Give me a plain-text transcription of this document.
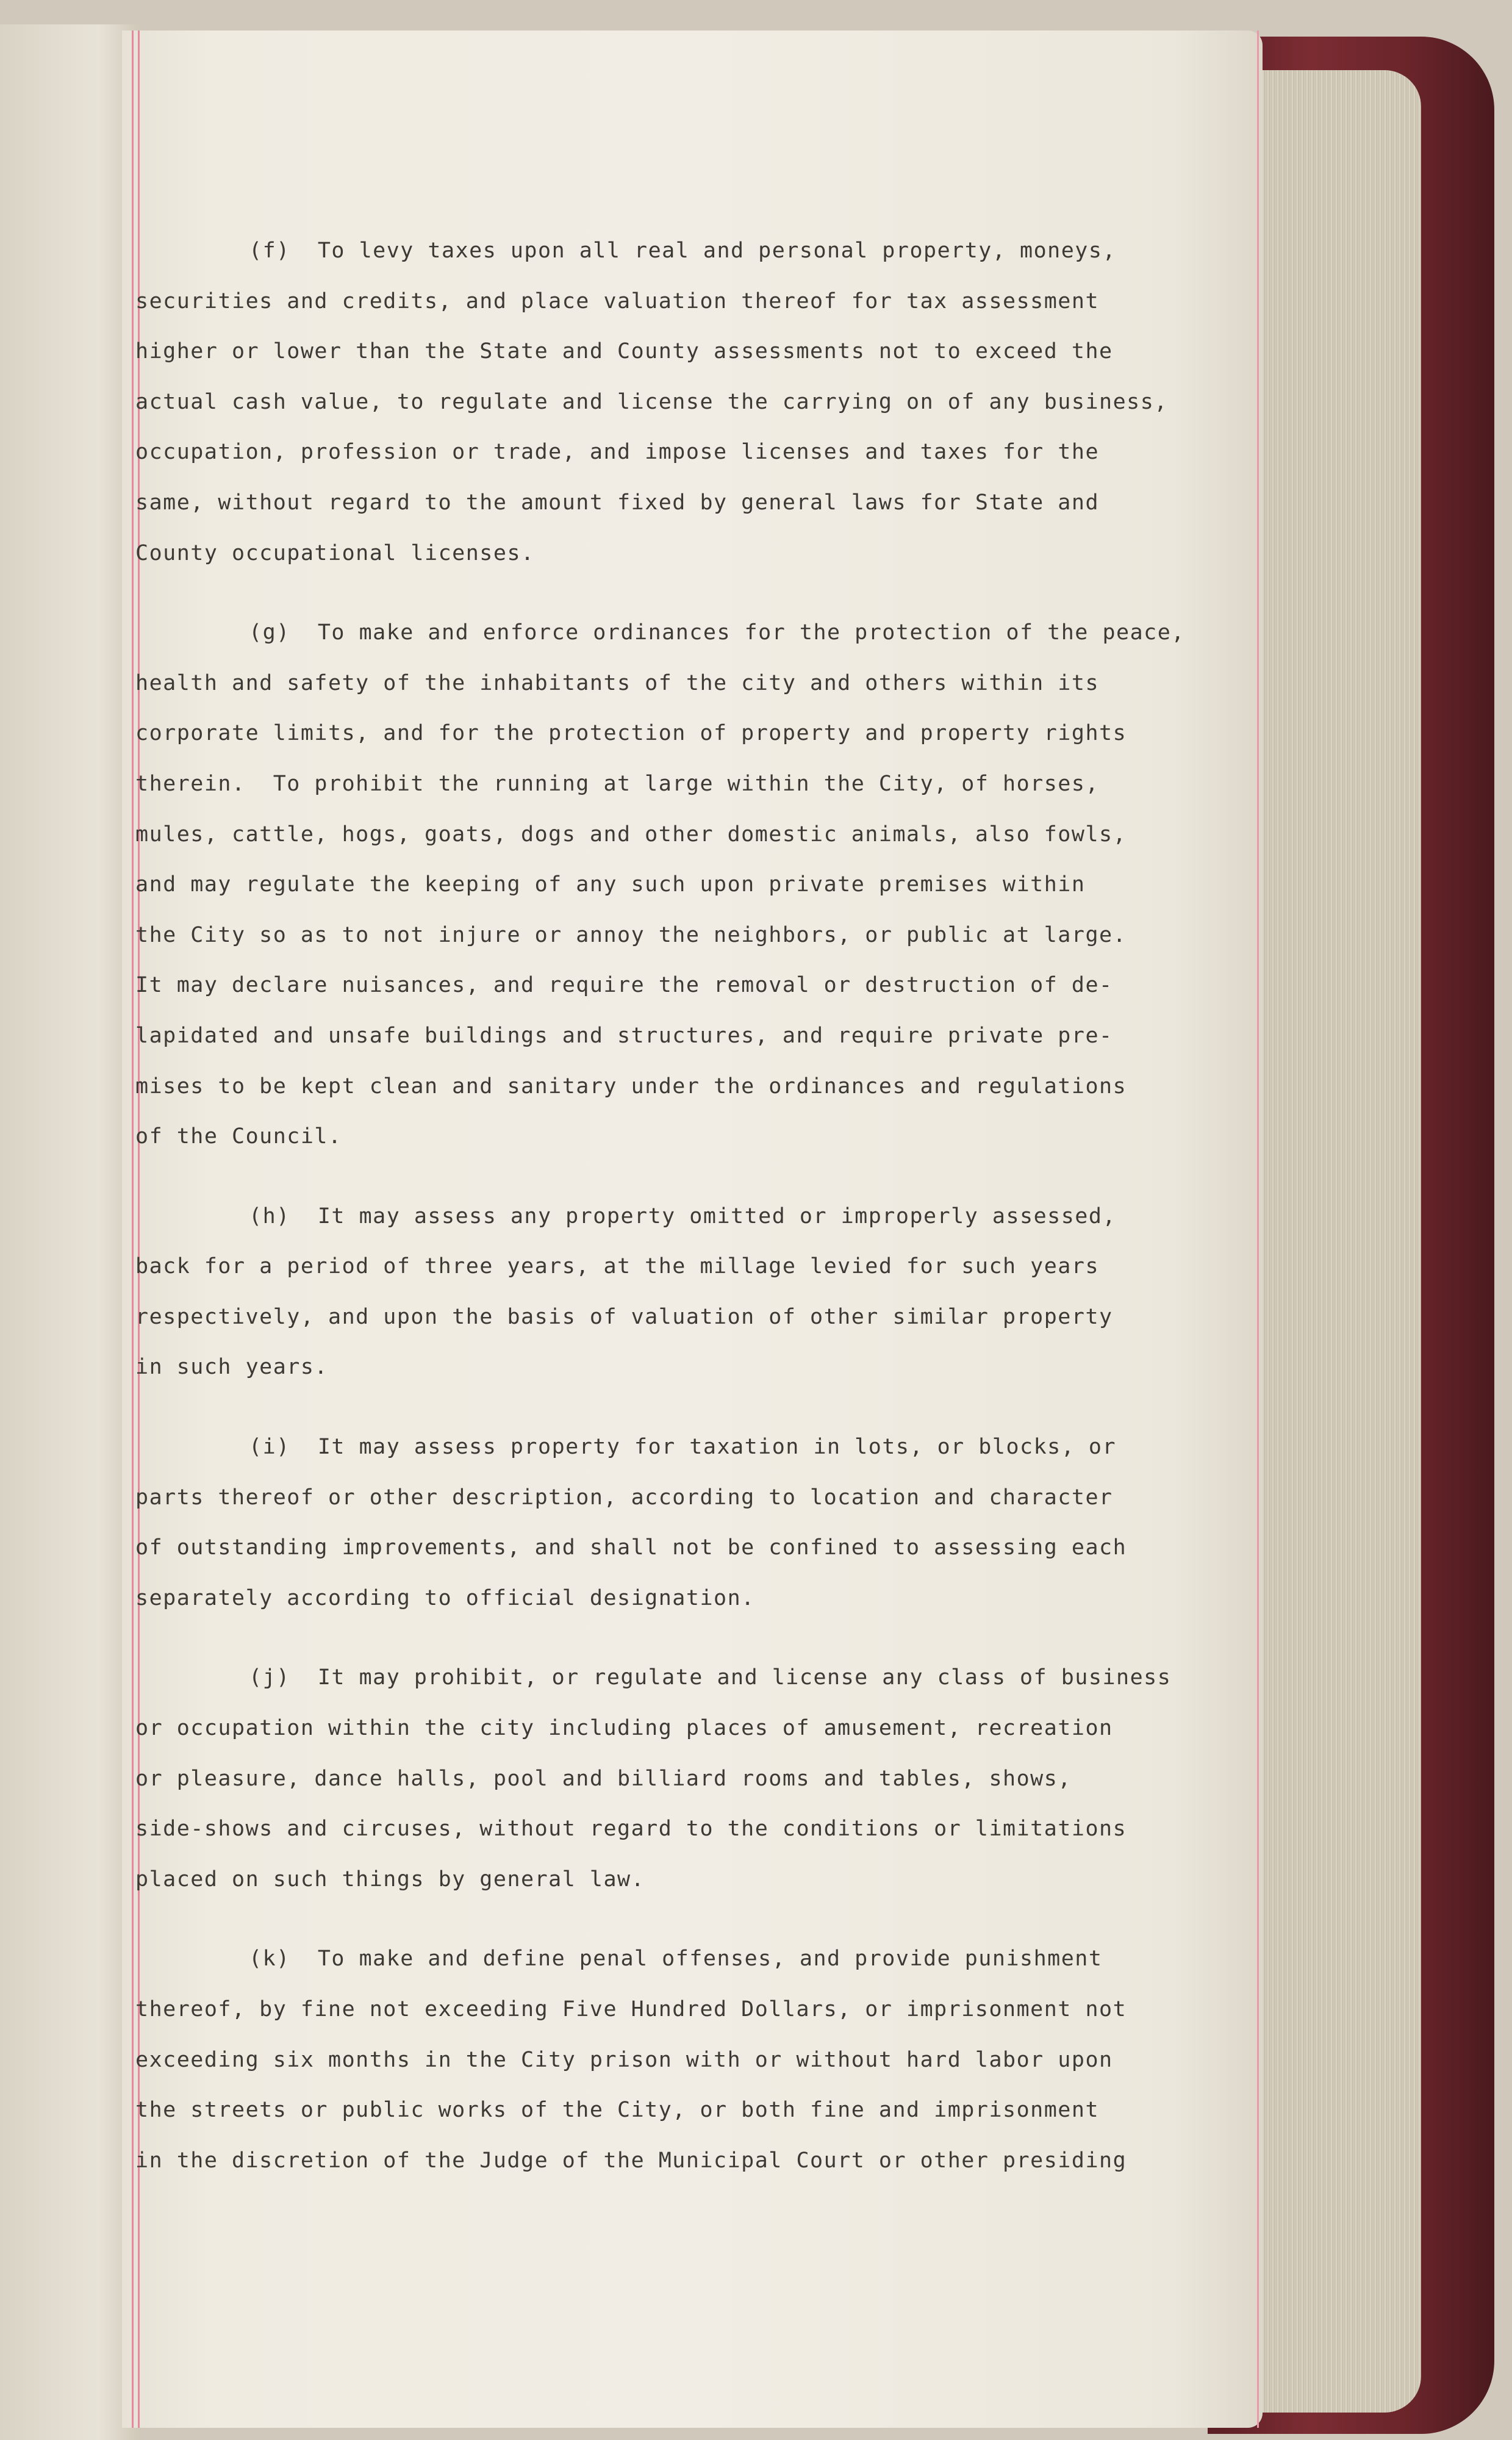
(f)  To levy taxes upon all real and personal property, moneys,
securities and credits, and place valuation thereof for tax assessment
higher or lower than the State and County assessments not to exceed the
actual cash value, to regulate and license the carrying on of any business,
occupation, profession or trade, and impose licenses and taxes for the
same, without regard to the amount fixed by general laws for State and
County occupational licenses.
(g)  To make and enforce ordinances for the protection of the peace,
health and safety of the inhabitants of the city and others within its
corporate limits, and for the protection of property and property rights
therein.  To prohibit the running at large within the City, of horses,
mules, cattle, hogs, goats, dogs and other domestic animals, also fowls,
and may regulate the keeping of any such upon private premises within
the City so as to not injure or annoy the neighbors, or public at large.
It may declare nuisances, and require the removal or destruction of de-
lapidated and unsafe buildings and structures, and require private pre-
mises to be kept clean and sanitary under the ordinances and regulations
of the Council.
(h)  It may assess any property omitted or improperly assessed,
back for a period of three years, at the millage levied for such years
respectively, and upon the basis of valuation of other similar property
in such years.
(i)  It may assess property for taxation in lots, or blocks, or
parts thereof or other description, according to location and character
of outstanding improvements, and shall not be confined to assessing each
separately according to official designation.
(j)  It may prohibit, or regulate and license any class of business
or occupation within the city including places of amusement, recreation
or pleasure, dance halls, pool and billiard rooms and tables, shows,
side-shows and circuses, without regard to the conditions or limitations
placed on such things by general law.
(k)  To make and define penal offenses, and provide punishment
thereof, by fine not exceeding Five Hundred Dollars, or imprisonment not
exceeding six months in the City prison with or without hard labor upon
the streets or public works of the City, or both fine and imprisonment
in the discretion of the Judge of the Municipal Court or other presiding
